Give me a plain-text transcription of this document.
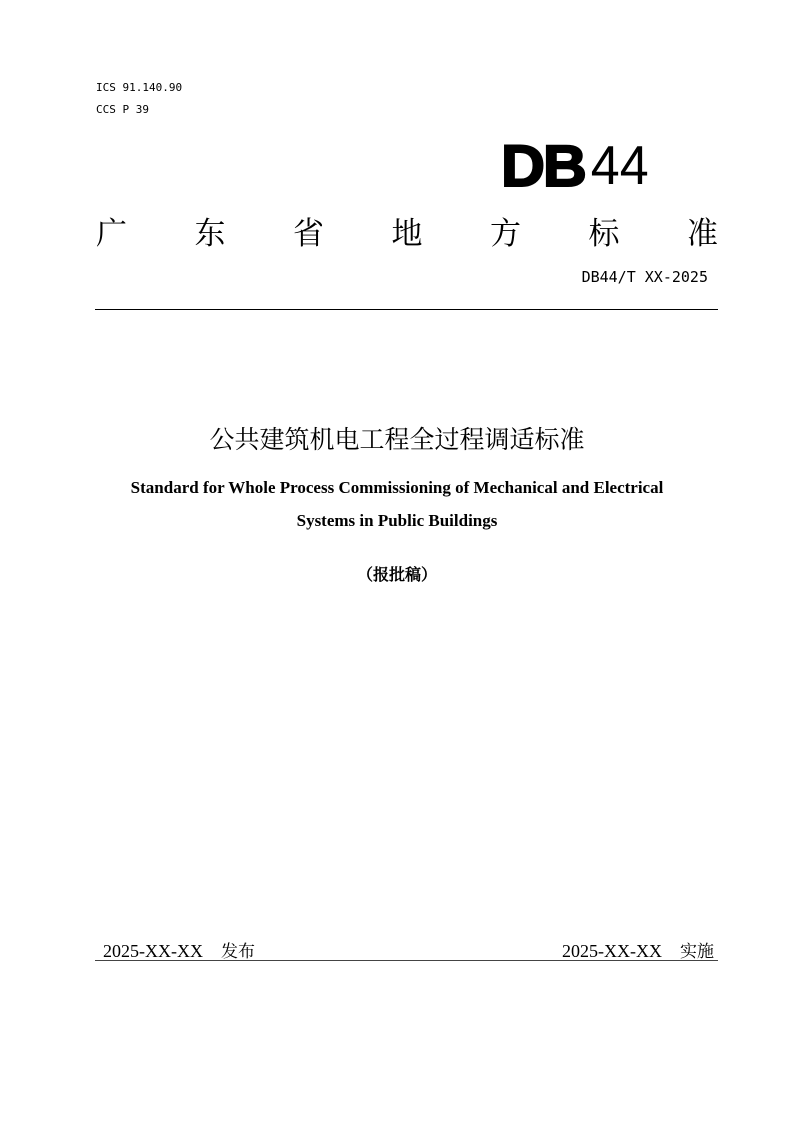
ICS 91.140.90
CCS P 39
DB 44
广 东 省 地 方 标 准
DB44/T XX-2025
公共建筑机电工程全过程调适标准
Standard for Whole Process Commissioning of Mechanical and Electrical
Systems in Public Buildings
（报批稿）
2025-XX-XX 发布	2025-XX-XX 实施
